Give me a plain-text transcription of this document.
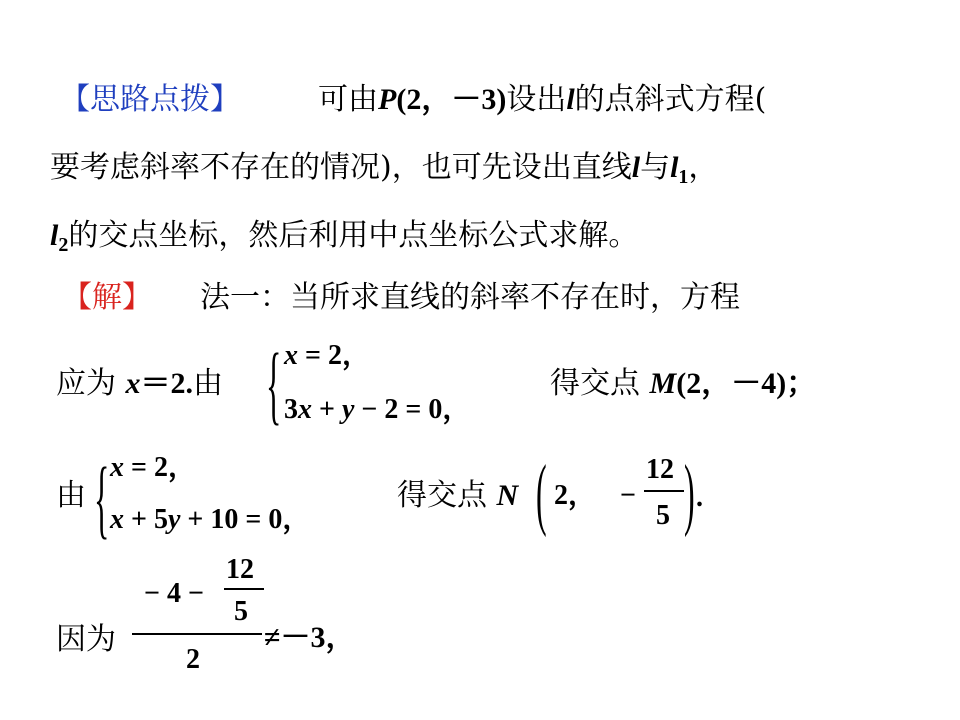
【思路点拨】	可由P(2，－3)设出l的点斜式方程(
要考虑斜率不存在的情况)，也可先设出直线l与$l_1$，
$l_2$的交点坐标，然后利用中点坐标公式求解。
【解】 法一：当所求直线的斜率不存在时，方程
应为 x＝2.由 { x = 2，
3x + y − 2 = 0，
得交点 M(2，－4)；
由 { x = 2，
x + 5y + 10 = 0，
得交点 N ( 2， −
12
5 ) .
因为
− 4 −
12
5
2
≠－3，
